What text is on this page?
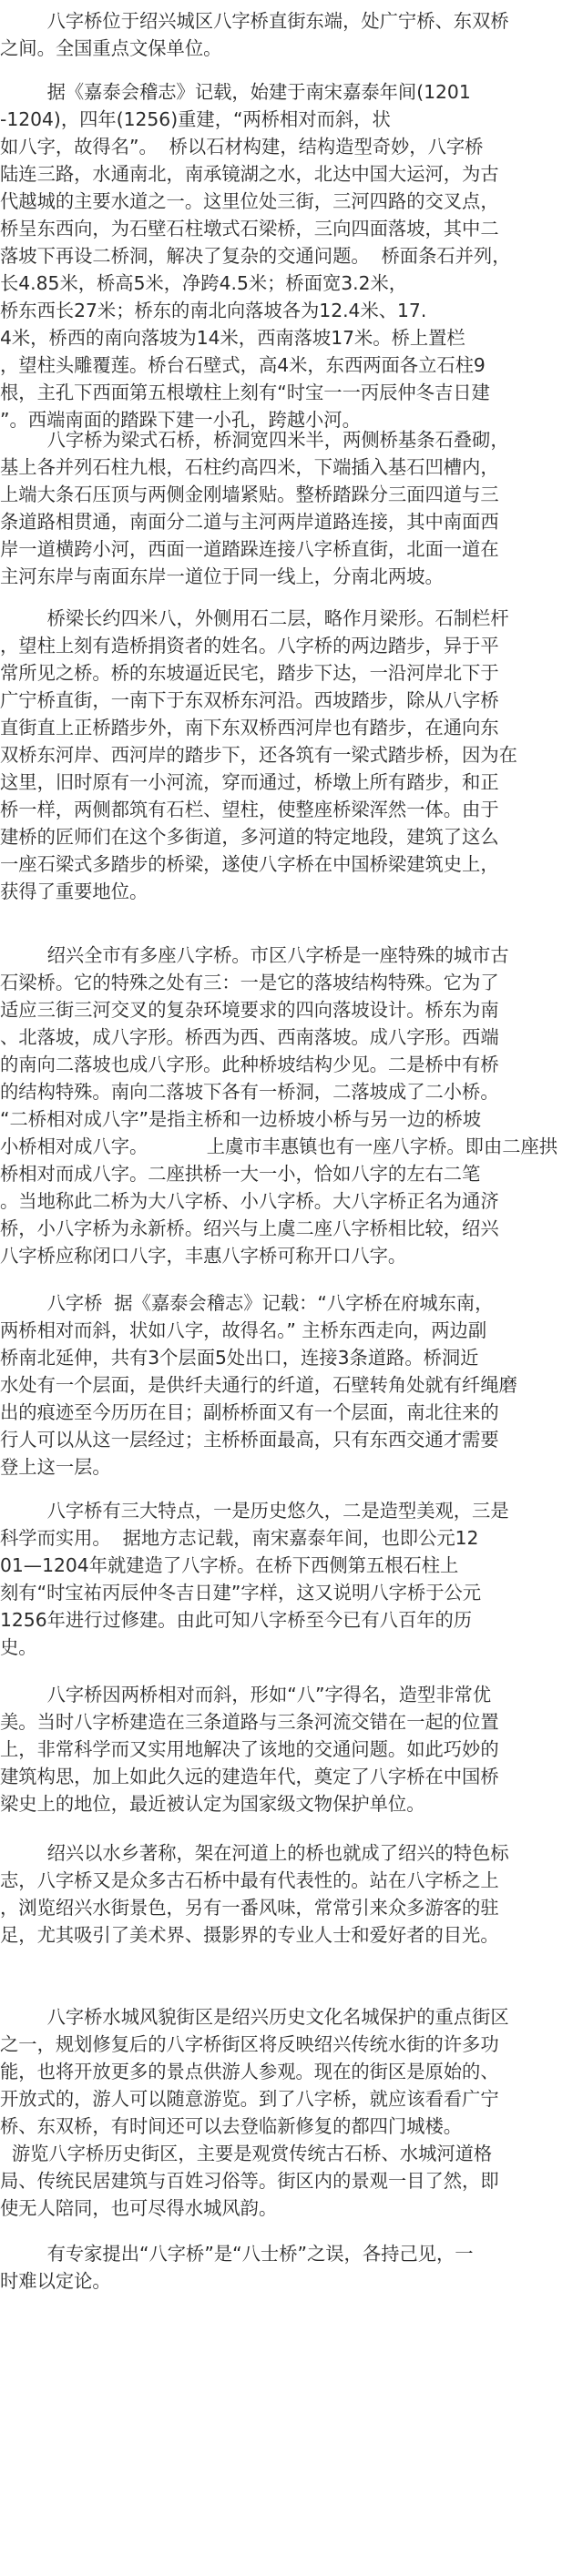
八字桥位于绍兴城区八字桥直街东端，处广宁桥、东双桥
之间。全国重点文保单位。
据《嘉泰会稽志》记载，始建于南宋嘉泰年间(1201
-1204)，四年(1256)重建，“两桥相对而斜，状
如八字，故得名”。  桥以石材构建，结构造型奇妙，八字桥
陆连三路，水通南北，南承镜湖之水，北达中国大运河，为古
代越城的主要水道之一。这里位处三街，三河四路的交叉点，
桥呈东西向，为石壁石柱墩式石梁桥，三向四面落坡，其中二
落坡下再设二桥洞，解决了复杂的交通问题。  桥面条石并列，
长4.85米，桥高5米，净跨4.5米；桥面宽3.2米，
桥东西长27米；桥东的南北向落坡各为12.4米、17.
4米，桥西的南向落坡为14米，西南落坡17米。桥上置栏
，望柱头雕覆莲。桥台石壁式，高4米，东西两面各立石柱9
根，主孔下西面第五根墩柱上刻有“时宝一一丙辰仲冬吉日建
”。西端南面的踏跺下建一小孔，跨越小河。
八字桥为梁式石桥，桥洞宽四米半，两侧桥基条石叠砌，
基上各并列石柱九根，石柱约高四米，下端插入基石凹槽内，
上端大条石压顶与两侧金刚墙紧贴。整桥踏跺分三面四道与三
条道路相贯通，南面分二道与主河两岸道路连接，其中南面西
岸一道横跨小河，西面一道踏跺连接八字桥直街，北面一道在
主河东岸与南面东岸一道位于同一线上，分南北两坡。
桥梁长约四米八，外侧用石二层，略作月梁形。石制栏杆
，望柱上刻有造桥捐资者的姓名。八字桥的两边踏步，异于平
常所见之桥。桥的东坡逼近民宅，踏步下达，一沿河岸北下于
广宁桥直街，一南下于东双桥东河沿。西坡踏步，除从八字桥
直街直上正桥踏步外，南下东双桥西河岸也有踏步，在通向东
双桥东河岸、西河岸的踏步下，还各筑有一梁式踏步桥，因为在
这里，旧时原有一小河流，穿而通过，桥墩上所有踏步，和正
桥一样，两侧都筑有石栏、望柱，使整座桥梁浑然一体。由于
建桥的匠师们在这个多街道，多河道的特定地段，建筑了这么
一座石梁式多踏步的桥梁，遂使八字桥在中国桥梁建筑史上，
获得了重要地位。
绍兴全市有多座八字桥。市区八字桥是一座特殊的城市古
石梁桥。它的特殊之处有三：一是它的落坡结构特殊。它为了
适应三街三河交叉的复杂环境要求的四向落坡设计。桥东为南
、北落坡，成八字形。桥西为西、西南落坡。成八字形。西端
的南向二落坡也成八字形。此种桥坡结构少见。二是桥中有桥
的结构特殊。南向二落坡下各有一桥洞，二落坡成了二小桥。
“二桥相对成八字”是指主桥和一边桥坡小桥与另一边的桥坡
小桥相对成八字。          上虞市丰惠镇也有一座八字桥。即由二座拱
桥相对而成八字。二座拱桥一大一小，恰如八字的左右二笔
。当地称此二桥为大八字桥、小八字桥。大八字桥正名为通济
桥，小八字桥为永新桥。绍兴与上虞二座八字桥相比较，绍兴
八字桥应称闭口八字，丰惠八字桥可称开口八字。
八字桥  据《嘉泰会稽志》记载：“八字桥在府城东南，
两桥相对而斜，状如八字，故得名。” 主桥东西走向，两边副
桥南北延伸，共有3个层面5处出口，连接3条道路。桥洞近
水处有一个层面，是供纤夫通行的纤道，石壁转角处就有纤绳磨
出的痕迹至今历历在目；副桥桥面又有一个层面，南北往来的
行人可以从这一层经过；主桥桥面最高，只有东西交通才需要
登上这一层。
八字桥有三大特点，一是历史悠久，二是造型美观，三是
科学而实用。  据地方志记载，南宋嘉泰年间，也即公元12
01—1204年就建造了八字桥。在桥下西侧第五根石柱上
刻有“时宝祐丙辰仲冬吉日建”字样，这又说明八字桥于公元
1256年进行过修建。由此可知八字桥至今已有八百年的历
史。
八字桥因两桥相对而斜，形如“八”字得名，造型非常优
美。当时八字桥建造在三条道路与三条河流交错在一起的位置
上，非常科学而又实用地解决了该地的交通问题。如此巧妙的
建筑构思，加上如此久远的建造年代，奠定了八字桥在中国桥
梁史上的地位，最近被认定为国家级文物保护单位。
绍兴以水乡著称，架在河道上的桥也就成了绍兴的特色标
志，八字桥又是众多古石桥中最有代表性的。站在八字桥之上
，浏览绍兴水街景色，另有一番风味，常常引来众多游客的驻
足，尤其吸引了美术界、摄影界的专业人士和爱好者的目光。
八字桥水城风貌街区是绍兴历史文化名城保护的重点街区
之一，规划修复后的八字桥街区将反映绍兴传统水街的许多功
能，也将开放更多的景点供游人参观。现在的街区是原始的、
开放式的，游人可以随意游览。到了八字桥，就应该看看广宁
桥、东双桥，有时间还可以去登临新修复的都四门城楼。
游览八字桥历史街区，主要是观赏传统古石桥、水城河道格
局、传统民居建筑与百姓习俗等。街区内的景观一目了然，即
使无人陪同，也可尽得水城风韵。
有专家提出“八字桥”是“八士桥”之误，各持己见，一
时难以定论。
